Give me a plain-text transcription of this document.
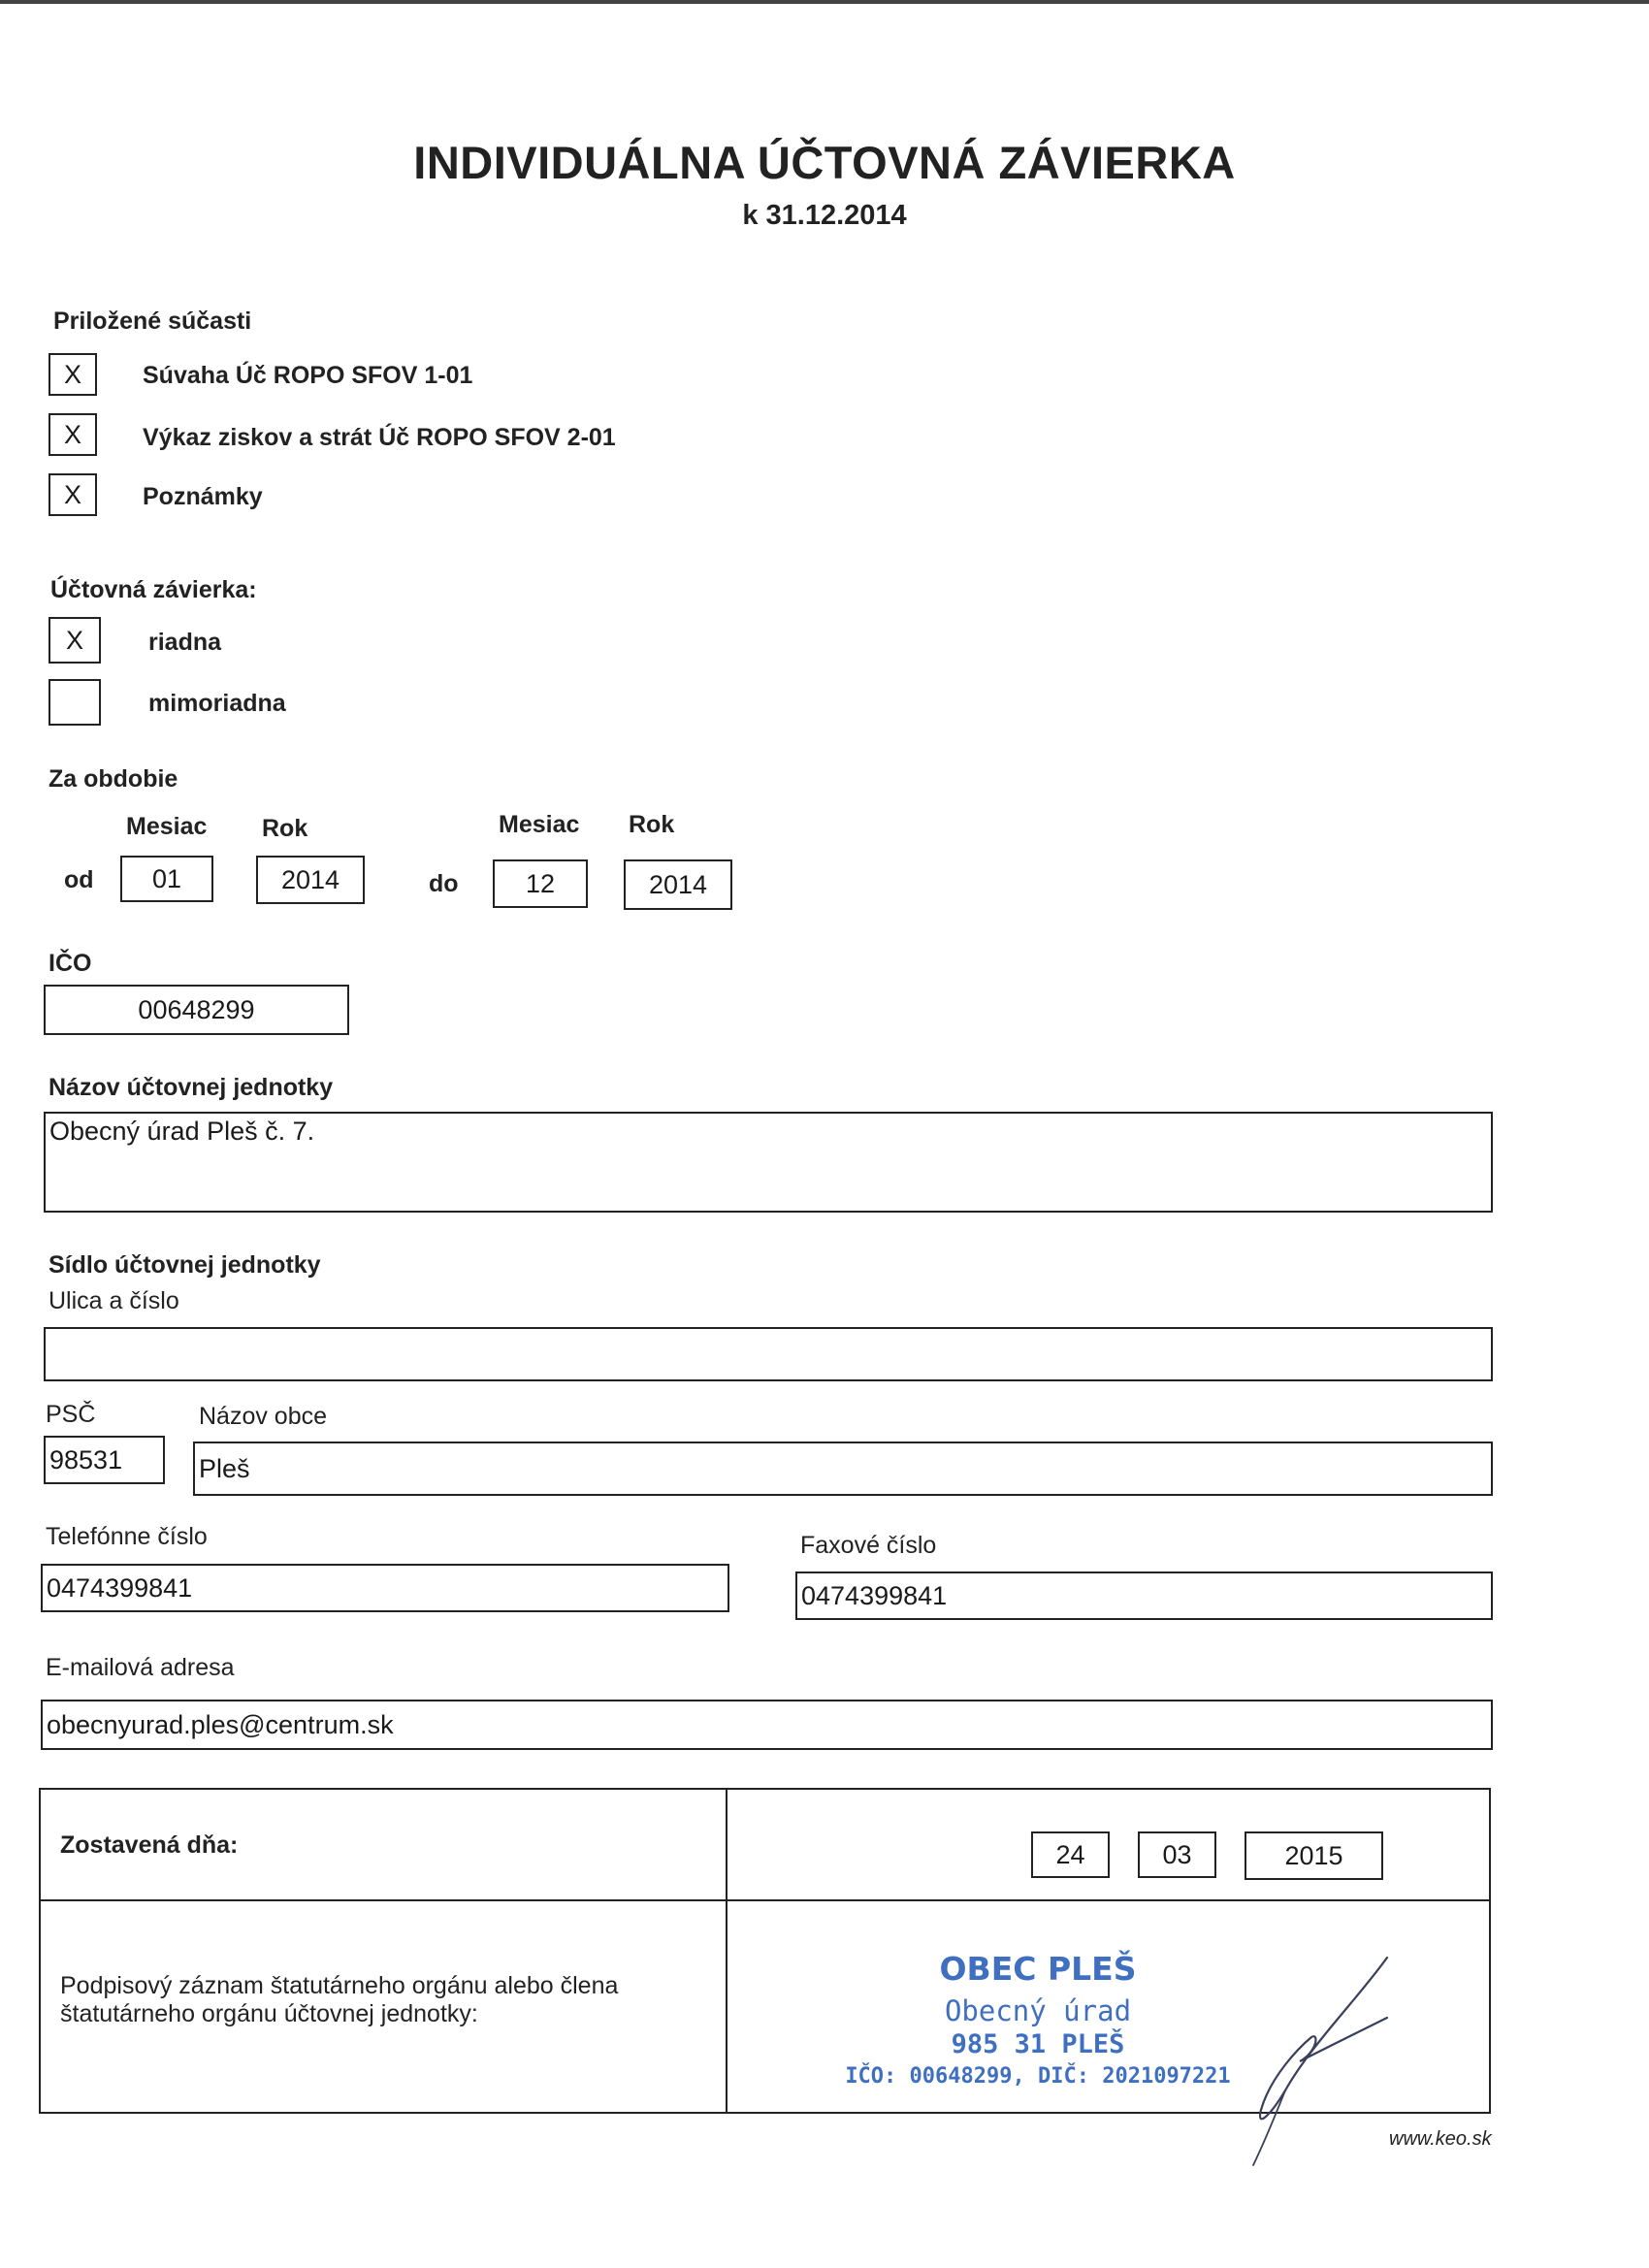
INDIVIDUÁLNA ÚČTOVNÁ ZÁVIERKA
k 31.12.2014
Priložené súčasti
X	Súvaha Úč ROPO SFOV 1-01
X	Výkaz ziskov a strát Úč ROPO SFOV 2-01
X	Poznámky
Účtovná závierka:
X	riadna
mimoriadna
Za obdobie
Mesiac Rok	Mesiac Rok
od	01	2014	do	12	2014
IČO
00648299
Názov účtovnej jednotky
Obecný úrad Pleš č. 7.
Sídlo účtovnej jednotky
Ulica a číslo
PSČ	Názov obce
98531	Pleš
Telefónne číslo
0474399841
Faxové číslo
0474399841
E-mailová adresa
obecnyurad.ples@centrum.sk
Zostavená dňa:	24	03	2015
Podpisový záznam štatutárneho orgánu alebo člena štatutárneho orgánu účtovnej jednotky:
OBEC PLEŠ
Obecný úrad
985 31 PLEŠ
IČO: 00648299, DIČ: 2021097221
www.keo.sk
